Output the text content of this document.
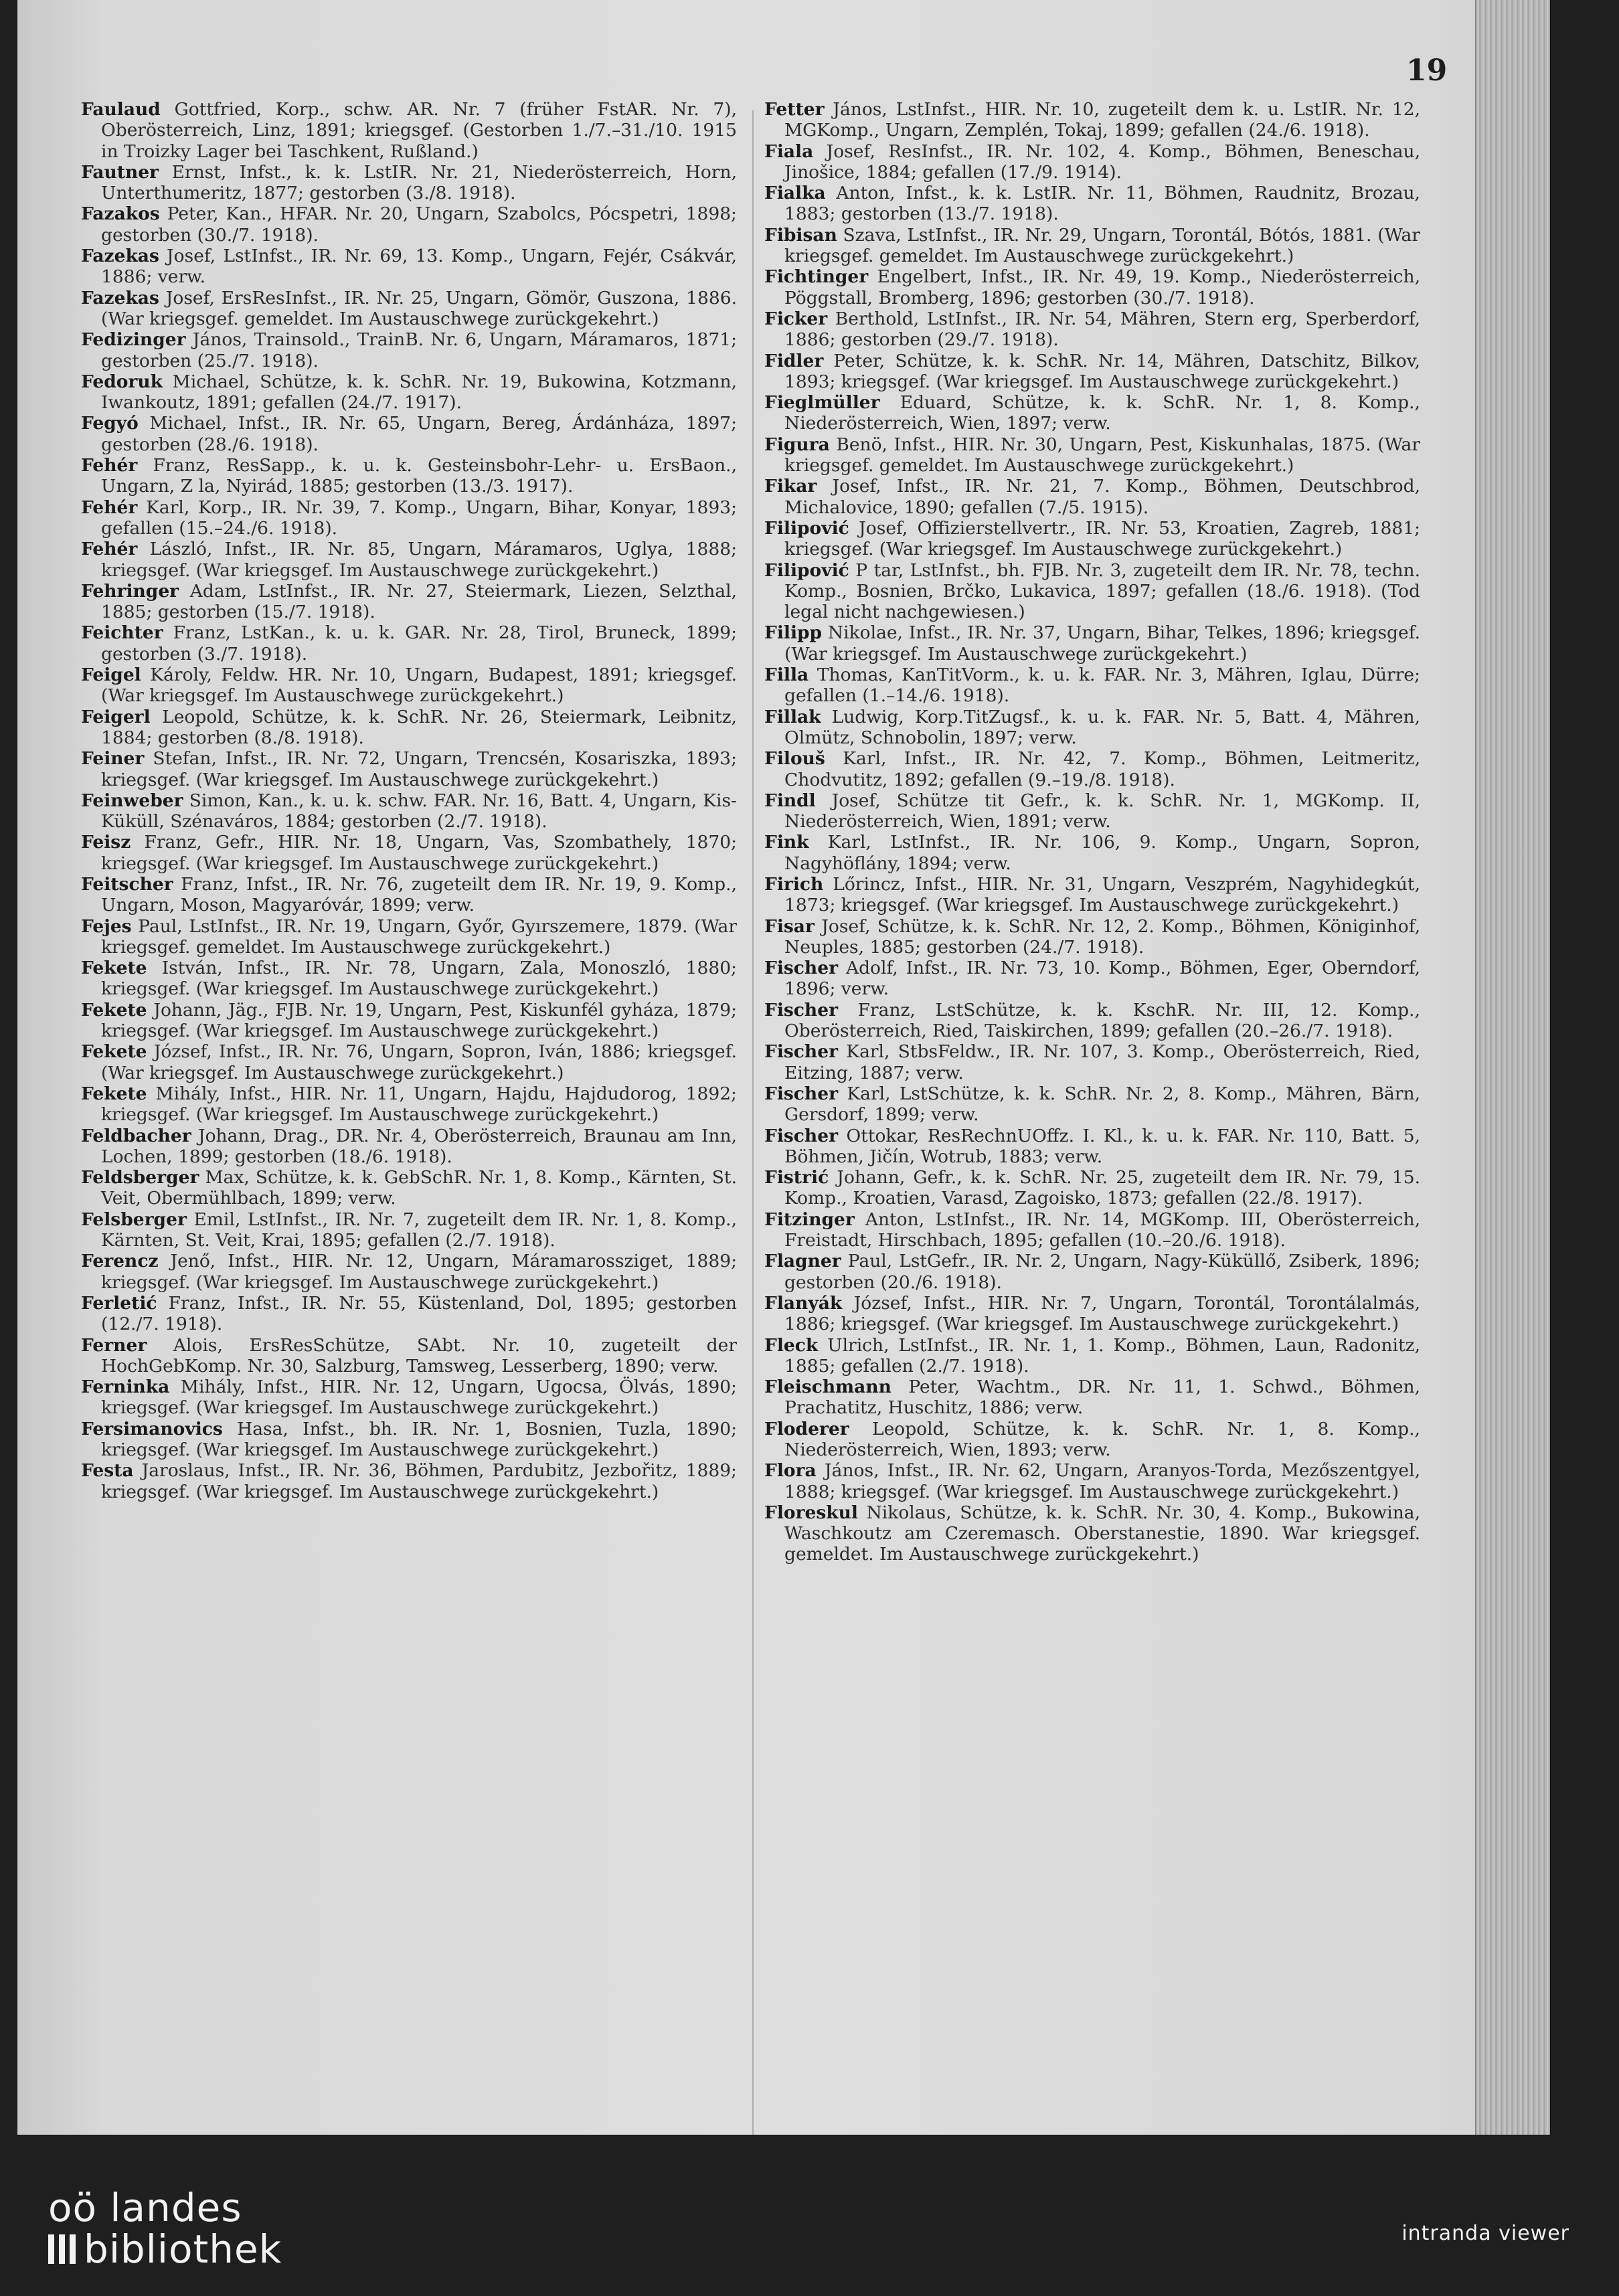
19

Faulaud Gottfried, Korp., schw. AR. Nr. 7 (früher FstAR. Nr. 7), Oberösterreich, Linz, 1891; kriegsgef. (Gestorben 1./7.–31./10. 1915 in Troizky Lager bei Taschkent, Rußland.)

Fautner Ernst, Infst., k. k. LstIR. Nr. 21, Niederösterreich, Horn, Unterthumeritz, 1877; gestorben (3./8. 1918).

Fazakos Peter, Kan., HFAR. Nr. 20, Ungarn, Szabolcs, Pócspetri, 1898; gestorben (30./7. 1918).

Fazekas Josef, LstInfst., IR. Nr. 69, 13. Komp., Ungarn, Fejér, Csákvár, 1886; verw.

Fazekas Josef, ErsResInfst., IR. Nr. 25, Ungarn, Gömör, Guszona, 1886. (War kriegsgef. gemeldet. Im Austauschwege zurückgekehrt.)

Fedizinger János, Trainsold., TrainB. Nr. 6, Ungarn, Máramaros, 1871; gestorben (25./7. 1918).

Fedoruk Michael, Schütze, k. k. SchR. Nr. 19, Bukowina, Kotzmann, Iwankoutz, 1891; gefallen (24./7. 1917).

Fegyó Michael, Infst., IR. Nr. 65, Ungarn, Bereg, Árdánháza, 1897; gestorben (28./6. 1918).

Fehér Franz, ResSapp., k. u. k. Gesteinsbohr-Lehr- u. ErsBaon., Ungarn, Z la, Nyirád, 1885; gestorben (13./3. 1917).

Fehér Karl, Korp., IR. Nr. 39, 7. Komp., Ungarn, Bihar, Konyar, 1893; gefallen (15.–24./6. 1918).

Fehér László, Infst., IR. Nr. 85, Ungarn, Máramaros, Uglya, 1888; kriegsgef. (War kriegsgef. Im Austauschwege zurückgekehrt.)

Fehringer Adam, LstInfst., IR. Nr. 27, Steiermark, Liezen, Selzthal, 1885; gestorben (15./7. 1918).

Feichter Franz, LstKan., k. u. k. GAR. Nr. 28, Tirol, Bruneck, 1899; gestorben (3./7. 1918).

Feigel Károly, Feldw. HR. Nr. 10, Ungarn, Budapest, 1891; kriegsgef. (War kriegsgef. Im Austauschwege zurückgekehrt.)

Feigerl Leopold, Schütze, k. k. SchR. Nr. 26, Steiermark, Leibnitz, 1884; gestorben (8./8. 1918).

Feiner Stefan, Infst., IR. Nr. 72, Ungarn, Trencsén, Kosariszka, 1893; kriegsgef. (War kriegsgef. Im Austauschwege zurückgekehrt.)

Feinweber Simon, Kan., k. u. k. schw. FAR. Nr. 16, Batt. 4, Ungarn, Kis-Küküll, Szénaváros, 1884; gestorben (2./7. 1918).

Feisz Franz, Gefr., HIR. Nr. 18, Ungarn, Vas, Szombathely, 1870; kriegsgef. (War kriegsgef. Im Austauschwege zurückgekehrt.)

Feitscher Franz, Infst., IR. Nr. 76, zugeteilt dem IR. Nr. 19, 9. Komp., Ungarn, Moson, Magyaróvár, 1899; verw.

Fejes Paul, LstInfst., IR. Nr. 19, Ungarn, Győr, Gyırszemere, 1879. (War kriegsgef. gemeldet. Im Austauschwege zurückgekehrt.)

Fekete István, Infst., IR. Nr. 78, Ungarn, Zala, Monoszló, 1880; kriegsgef. (War kriegsgef. Im Austauschwege zurückgekehrt.)

Fekete Johann, Jäg., FJB. Nr. 19, Ungarn, Pest, Kiskunfél gyháza, 1879; kriegsgef. (War kriegsgef. Im Austauschwege zurückgekehrt.)

Fekete József, Infst., IR. Nr. 76, Ungarn, Sopron, Iván, 1886; kriegsgef. (War kriegsgef. Im Austauschwege zurückgekehrt.)

Fekete Mihály, Infst., HIR. Nr. 11, Ungarn, Hajdu, Hajdudorog, 1892; kriegsgef. (War kriegsgef. Im Austauschwege zurückgekehrt.)

Feldbacher Johann, Drag., DR. Nr. 4, Oberösterreich, Braunau am Inn, Lochen, 1899; gestorben (18./6. 1918).

Feldsberger Max, Schütze, k. k. GebSchR. Nr. 1, 8. Komp., Kärnten, St. Veit, Obermühlbach, 1899; verw.

Felsberger Emil, LstInfst., IR. Nr. 7, zugeteilt dem IR. Nr. 1, 8. Komp., Kärnten, St. Veit, Krai, 1895; gefallen (2./7. 1918).

Ferencz Jenő, Infst., HIR. Nr. 12, Ungarn, Máramarossziget, 1889; kriegsgef. (War kriegsgef. Im Austauschwege zurückgekehrt.)

Ferletić Franz, Infst., IR. Nr. 55, Küstenland, Dol, 1895; gestorben (12./7. 1918).

Ferner Alois, ErsResSchütze, SAbt. Nr. 10, zugeteilt der HochGebKomp. Nr. 30, Salzburg, Tamsweg, Lesserberg, 1890; verw.

Ferninka Mihály, Infst., HIR. Nr. 12, Ungarn, Ugocsa, Ölvás, 1890; kriegsgef. (War kriegsgef. Im Austauschwege zurückgekehrt.)

Fersimanovics Hasa, Infst., bh. IR. Nr. 1, Bosnien, Tuzla, 1890; kriegsgef. (War kriegsgef. Im Austauschwege zurückgekehrt.)

Festa Jaroslaus, Infst., IR. Nr. 36, Böhmen, Pardubitz, Jezbořitz, 1889; kriegsgef. (War kriegsgef. Im Austauschwege zurückgekehrt.)

Fetter János, LstInfst., HIR. Nr. 10, zugeteilt dem k. u. LstIR. Nr. 12, MGKomp., Ungarn, Zemplén, Tokaj, 1899; gefallen (24./6. 1918).

Fiala Josef, ResInfst., IR. Nr. 102, 4. Komp., Böhmen, Beneschau, Jinošice, 1884; gefallen (17./9. 1914).

Fialka Anton, Infst., k. k. LstIR. Nr. 11, Böhmen, Raudnitz, Brozau, 1883; gestorben (13./7. 1918).

Fibisan Szava, LstInfst., IR. Nr. 29, Ungarn, Torontál, Bótós, 1881. (War kriegsgef. gemeldet. Im Austauschwege zurückgekehrt.)

Fichtinger Engelbert, Infst., IR. Nr. 49, 19. Komp., Niederösterreich, Pöggstall, Bromberg, 1896; gestorben (30./7. 1918).

Ficker Berthold, LstInfst., IR. Nr. 54, Mähren, Stern erg, Sperberdorf, 1886; gestorben (29./7. 1918).

Fidler Peter, Schütze, k. k. SchR. Nr. 14, Mähren, Datschitz, Bilkov, 1893; kriegsgef. (War kriegsgef. Im Austauschwege zurückgekehrt.)

Fieglmüller Eduard, Schütze, k. k. SchR. Nr. 1, 8. Komp., Niederösterreich, Wien, 1897; verw.

Figura Benö, Infst., HIR. Nr. 30, Ungarn, Pest, Kiskunhalas, 1875. (War kriegsgef. gemeldet. Im Austauschwege zurückgekehrt.)

Fikar Josef, Infst., IR. Nr. 21, 7. Komp., Böhmen, Deutschbrod, Michalovice, 1890; gefallen (7./5. 1915).

Filipović Josef, Offizierstellvertr., IR. Nr. 53, Kroatien, Zagreb, 1881; kriegsgef. (War kriegsgef. Im Austauschwege zurückgekehrt.)

Filipović P tar, LstInfst., bh. FJB. Nr. 3, zugeteilt dem IR. Nr. 78, techn. Komp., Bosnien, Brčko, Lukavica, 1897; gefallen (18./6. 1918). (Tod legal nicht nachgewiesen.)

Filipp Nikolae, Infst., IR. Nr. 37, Ungarn, Bihar, Telkes, 1896; kriegsgef. (War kriegsgef. Im Austauschwege zurückgekehrt.)

Filla Thomas, KanTitVorm., k. u. k. FAR. Nr. 3, Mähren, Iglau, Dürre; gefallen (1.–14./6. 1918).

Fillak Ludwig, Korp.TitZugsf., k. u. k. FAR. Nr. 5, Batt. 4, Mähren, Olmütz, Schnobolin, 1897; verw.

Filouš Karl, Infst., IR. Nr. 42, 7. Komp., Böhmen, Leitmeritz, Chodvutitz, 1892; gefallen (9.–19./8. 1918).

Findl Josef, Schütze tit Gefr., k. k. SchR. Nr. 1, MGKomp. II, Niederösterreich, Wien, 1891; verw.

Fink Karl, LstInfst., IR. Nr. 106, 9. Komp., Ungarn, Sopron, Nagyhöflány, 1894; verw.

Firich Lőrincz, Infst., HIR. Nr. 31, Ungarn, Veszprém, Nagyhidegkút, 1873; kriegsgef. (War kriegsgef. Im Austauschwege zurückgekehrt.)

Fisar Josef, Schütze, k. k. SchR. Nr. 12, 2. Komp., Böhmen, Königinhof, Neuples, 1885; gestorben (24./7. 1918).

Fischer Adolf, Infst., IR. Nr. 73, 10. Komp., Böhmen, Eger, Oberndorf, 1896; verw.

Fischer Franz, LstSchütze, k. k. KschR. Nr. III, 12. Komp., Oberösterreich, Ried, Taiskirchen, 1899; gefallen (20.–26./7. 1918).

Fischer Karl, StbsFeldw., IR. Nr. 107, 3. Komp., Oberösterreich, Ried, Eitzing, 1887; verw.

Fischer Karl, LstSchütze, k. k. SchR. Nr. 2, 8. Komp., Mähren, Bärn, Gersdorf, 1899; verw.

Fischer Ottokar, ResRechnUOffz. I. Kl., k. u. k. FAR. Nr. 110, Batt. 5, Böhmen, Jičín, Wotrub, 1883; verw.

Fistrić Johann, Gefr., k. k. SchR. Nr. 25, zugeteilt dem IR. Nr. 79, 15. Komp., Kroatien, Varasd, Zagoisko, 1873; gefallen (22./8. 1917).

Fitzinger Anton, LstInfst., IR. Nr. 14, MGKomp. III, Oberösterreich, Freistadt, Hirschbach, 1895; gefallen (10.–20./6. 1918).

Flagner Paul, LstGefr., IR. Nr. 2, Ungarn, Nagy-Küküllő, Zsiberk, 1896; gestorben (20./6. 1918).

Flanyák József, Infst., HIR. Nr. 7, Ungarn, Torontál, Torontálalmás, 1886; kriegsgef. (War kriegsgef. Im Austauschwege zurückgekehrt.)

Fleck Ulrich, LstInfst., IR. Nr. 1, 1. Komp., Böhmen, Laun, Radonitz, 1885; gefallen (2./7. 1918).

Fleischmann Peter, Wachtm., DR. Nr. 11, 1. Schwd., Böhmen, Prachatitz, Huschitz, 1886; verw.

Floderer Leopold, Schütze, k. k. SchR. Nr. 1, 8. Komp., Niederösterreich, Wien, 1893; verw.

Flora János, Infst., IR. Nr. 62, Ungarn, Aranyos-Torda, Mezőszentgyel, 1888; kriegsgef. (War kriegsgef. Im Austauschwege zurückgekehrt.)

Floreskul Nikolaus, Schütze, k. k. SchR. Nr. 30, 4. Komp., Bukowina, Waschkoutz am Czeremasch. Oberstanestie, 1890. War kriegsgef. gemeldet. Im Austauschwege zurückgekehrt.)

oö landes
bibliothek	intranda viewer
